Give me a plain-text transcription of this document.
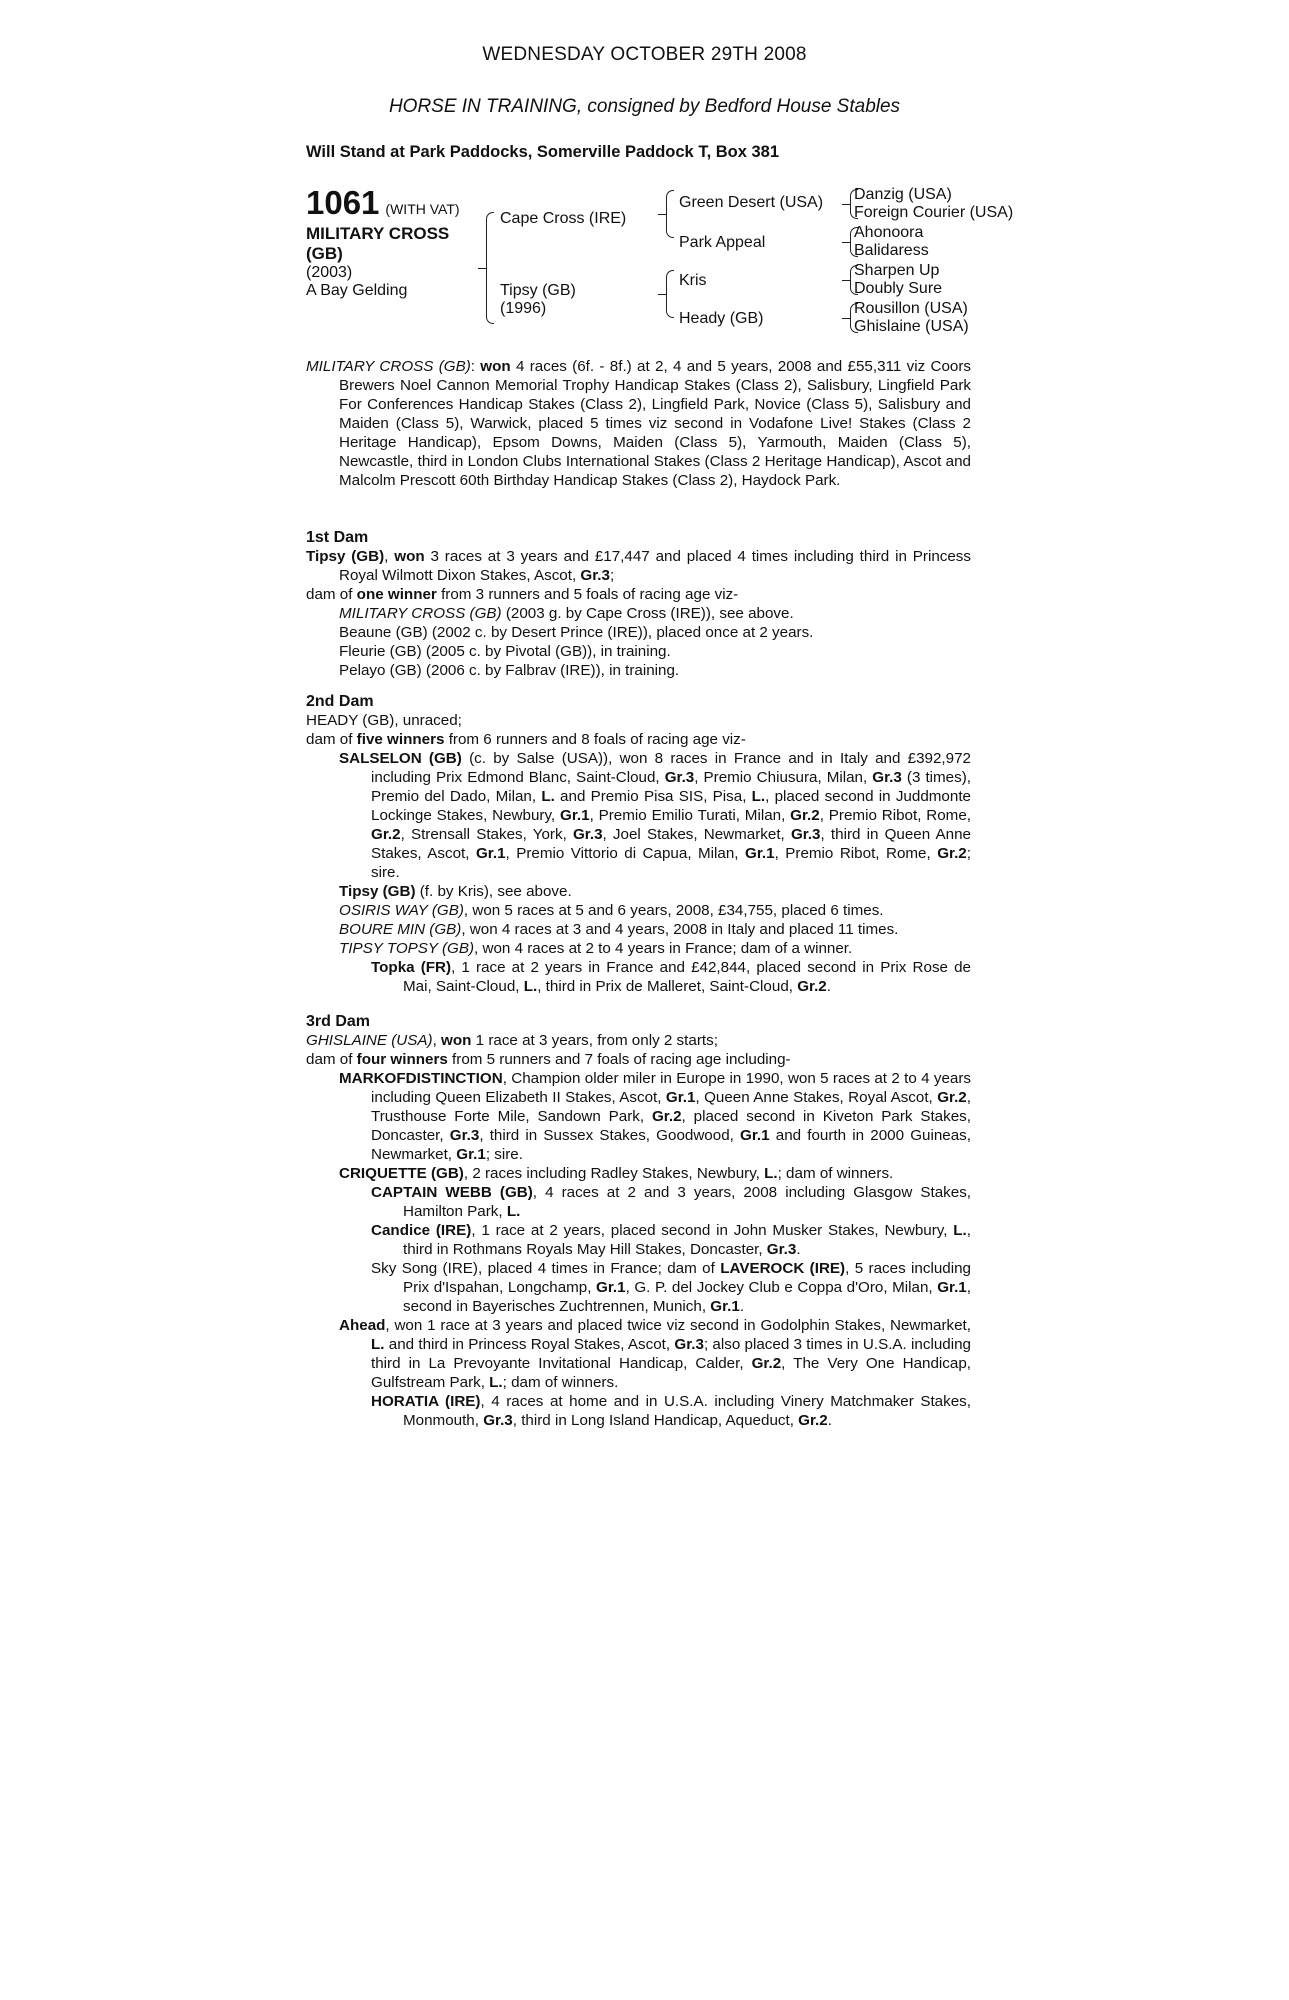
WEDNESDAY OCTOBER 29TH 2008
HORSE IN TRAINING, consigned by Bedford House Stables
Will Stand at Park Paddocks, Somerville Paddock T, Box 381
1061 (WITH VAT)
MILITARY CROSS
(GB)
(2003)
A Bay Gelding
Cape Cross (IRE)
Tipsy (GB)
(1996)
Green Desert (USA)
Park Appeal
Kris
Heady (GB)
Danzig (USA)
Foreign Courier (USA)
Ahonoora
Balidaress
Sharpen Up
Doubly Sure
Rousillon (USA)
Ghislaine (USA)

MILITARY CROSS (GB): won 4 races (6f. - 8f.) at 2, 4 and 5 years, 2008 and £55,311 viz Coors Brewers Noel Cannon Memorial Trophy Handicap Stakes (Class 2), Salisbury, Lingfield Park For Conferences Handicap Stakes (Class 2), Lingfield Park, Novice (Class 5), Salisbury and Maiden (Class 5), Warwick, placed 5 times viz second in Vodafone Live! Stakes (Class 2 Heritage Handicap), Epsom Downs, Maiden (Class 5), Yarmouth, Maiden (Class 5), Newcastle, third in London Clubs International Stakes (Class 2 Heritage Handicap), Ascot and Malcolm Prescott 60th Birthday Handicap Stakes (Class 2), Haydock Park.

1st Dam

Tipsy (GB), won 3 races at 3 years and £17,447 and placed 4 times including third in Princess Royal Wilmott Dixon Stakes, Ascot, Gr.3;

dam of one winner from 3 runners and 5 foals of racing age viz-

MILITARY CROSS (GB) (2003 g. by Cape Cross (IRE)), see above.

Beaune (GB) (2002 c. by Desert Prince (IRE)), placed once at 2 years.

Fleurie (GB) (2005 c. by Pivotal (GB)), in training.

Pelayo (GB) (2006 c. by Falbrav (IRE)), in training.

2nd Dam

HEADY (GB), unraced;

dam of five winners from 6 runners and 8 foals of racing age viz-

SALSELON (GB) (c. by Salse (USA)), won 8 races in France and in Italy and £392,972 including Prix Edmond Blanc, Saint-Cloud, Gr.3, Premio Chiusura, Milan, Gr.3 (3 times), Premio del Dado, Milan, L. and Premio Pisa SIS, Pisa, L., placed second in Juddmonte Lockinge Stakes, Newbury, Gr.1, Premio Emilio Turati, Milan, Gr.2, Premio Ribot, Rome, Gr.2, Strensall Stakes, York, Gr.3, Joel Stakes, Newmarket, Gr.3, third in Queen Anne Stakes, Ascot, Gr.1, Premio Vittorio di Capua, Milan, Gr.1, Premio Ribot, Rome, Gr.2; sire.

Tipsy (GB) (f. by Kris), see above.

OSIRIS WAY (GB), won 5 races at 5 and 6 years, 2008, £34,755, placed 6 times.

BOURE MIN (GB), won 4 races at 3 and 4 years, 2008 in Italy and placed 11 times.

TIPSY TOPSY (GB), won 4 races at 2 to 4 years in France; dam of a winner.

Topka (FR), 1 race at 2 years in France and £42,844, placed second in Prix Rose de Mai, Saint-Cloud, L., third in Prix de Malleret, Saint-Cloud, Gr.2.

3rd Dam

GHISLAINE (USA), won 1 race at 3 years, from only 2 starts;

dam of four winners from 5 runners and 7 foals of racing age including-

MARKOFDISTINCTION, Champion older miler in Europe in 1990, won 5 races at 2 to 4 years including Queen Elizabeth II Stakes, Ascot, Gr.1, Queen Anne Stakes, Royal Ascot, Gr.2, Trusthouse Forte Mile, Sandown Park, Gr.2, placed second in Kiveton Park Stakes, Doncaster, Gr.3, third in Sussex Stakes, Goodwood, Gr.1 and fourth in 2000 Guineas, Newmarket, Gr.1; sire.

CRIQUETTE (GB), 2 races including Radley Stakes, Newbury, L.; dam of winners.

CAPTAIN WEBB (GB), 4 races at 2 and 3 years, 2008 including Glasgow Stakes, Hamilton Park, L.

Candice (IRE), 1 race at 2 years, placed second in John Musker Stakes, Newbury, L., third in Rothmans Royals May Hill Stakes, Doncaster, Gr.3.

Sky Song (IRE), placed 4 times in France; dam of LAVEROCK (IRE), 5 races including Prix d'Ispahan, Longchamp, Gr.1, G. P. del Jockey Club e Coppa d'Oro, Milan, Gr.1, second in Bayerisches Zuchtrennen, Munich, Gr.1.

Ahead, won 1 race at 3 years and placed twice viz second in Godolphin Stakes, Newmarket, L. and third in Princess Royal Stakes, Ascot, Gr.3; also placed 3 times in U.S.A. including third in La Prevoyante Invitational Handicap, Calder, Gr.2, The Very One Handicap, Gulfstream Park, L.; dam of winners.

HORATIA (IRE), 4 races at home and in U.S.A. including Vinery Matchmaker Stakes, Monmouth, Gr.3, third in Long Island Handicap, Aqueduct, Gr.2.
